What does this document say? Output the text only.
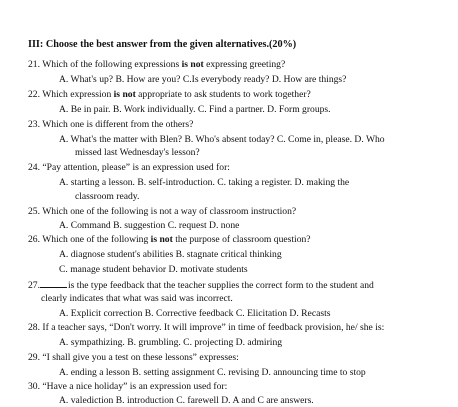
III: Choose the best answer from the given alternatives.(20%)
21. Which of the following expressions is not expressing greeting?
A. What's up? B. How are you? C.Is everybody ready? D. How are things?
22. Which expression is not appropriate to ask students to work together?
A. Be in pair. B. Work individually. C. Find a partner. D. Form groups.
23. Which one is different from the others?
A. What's the matter with Blen? B. Who's absent today? C. Come in, please. D. Who
missed last Wednesday's lesson?
24. “Pay attention, please” is an expression used for:
A. starting a lesson. B. self-introduction. C. taking a register. D. making the
classroom ready.
25. Which one of the following is not a way of classroom instruction?
A. Command B. suggestion C. request D. none
26. Which one of the following is not the purpose of classroom question?
A. diagnose student's abilities B. stagnate critical thinking
C. manage student behavior D. motivate students
27.	is the type feedback that the teacher supplies the correct form to the student and
clearly indicates that what was said was incorrect.
A. Explicit correction B. Corrective feedback C. Elicitation D. Recasts
28. If a teacher says, “Don't worry. It will improve” in time of feedback provision, he/ she is:
A. sympathizing. B. grumbling. C. projecting D. admiring
29. “I shall give you a test on these lessons” expresses:
A. ending a lesson B. setting assignment C. revising D. announcing time to stop
30. “Have a nice holiday” is an expression used for:
A. valediction B. introduction C. farewell D. A and C are answers.
